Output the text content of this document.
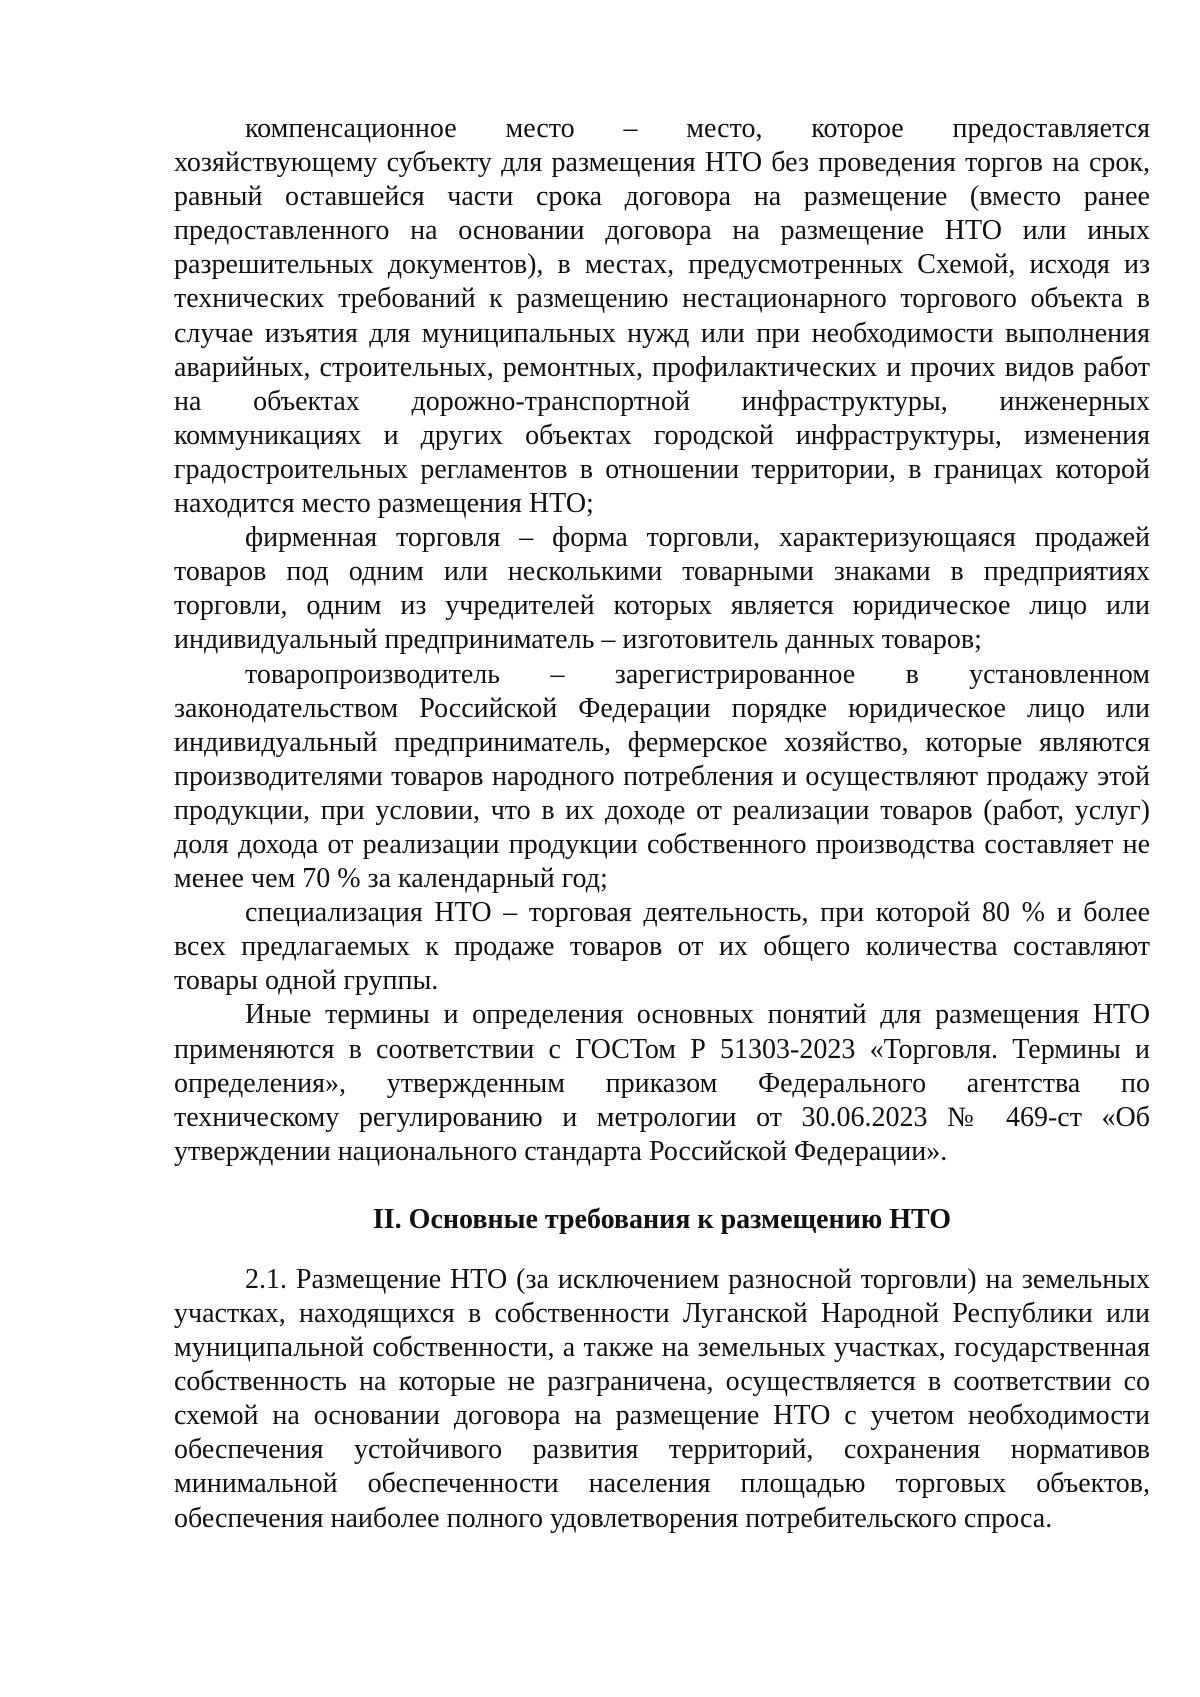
компенсационное место – место, которое предоставляется хозяйствующему субъекту для размещения НТО без проведения торгов на срок, равный оставшейся части срока договора на размещение (вместо ранее предоставленного на основании договора на размещение НТО или иных разрешительных документов), в местах, предусмотренных Схемой, исходя из технических требований к размещению нестационарного торгового объекта в случае изъятия для муниципальных нужд или при необходимости выполнения аварийных, строительных, ремонтных, профилактических и прочих видов работ на объектах дорожно-транспортной инфраструктуры, инженерных коммуникациях и других объектах городской инфраструктуры, изменения градостроительных регламентов в отношении территории, в границах которой находится место размещения НТО;

фирменная торговля – форма торговли, характеризующаяся продажей товаров под одним или несколькими товарными знаками в предприятиях торговли, одним из учредителей которых является юридическое лицо или индивидуальный предприниматель – изготовитель данных товаров;

товаропроизводитель – зарегистрированное в установленном законодательством Российской Федерации порядке юридическое лицо или индивидуальный предприниматель, фермерское хозяйство, которые являются производителями товаров народного потребления и осуществляют продажу этой продукции, при условии, что в их доходе от реализации товаров (работ, услуг) доля дохода от реализации продукции собственного производства составляет не менее чем 70 % за календарный год;

специализация НТО – торговая деятельность, при которой 80 % и более всех предлагаемых к продаже товаров от их общего количества составляют товары одной группы.

Иные термины и определения основных понятий для размещения НТО применяются в соответствии с ГОСТом Р 51303-2023 «Торговля. Термины и определения», утвержденным приказом Федерального агентства по техническому регулированию и метрологии от 30.06.2023 № 469-ст «Об утверждении национального стандарта Российской Федерации».

II. Основные требования к размещению НТО

2.1. Размещение НТО (за исключением разносной торговли) на земельных участках, находящихся в собственности Луганской Народной Республики или муниципальной собственности, а также на земельных участках, государственная собственность на которые не разграничена, осуществляется в соответствии со схемой на основании договора на размещение НТО с учетом необходимости обеспечения устойчивого развития территорий, сохранения нормативов минимальной обеспеченности населения площадью торговых объектов, обеспечения наиболее полного удовлетворения потребительского спроса.
